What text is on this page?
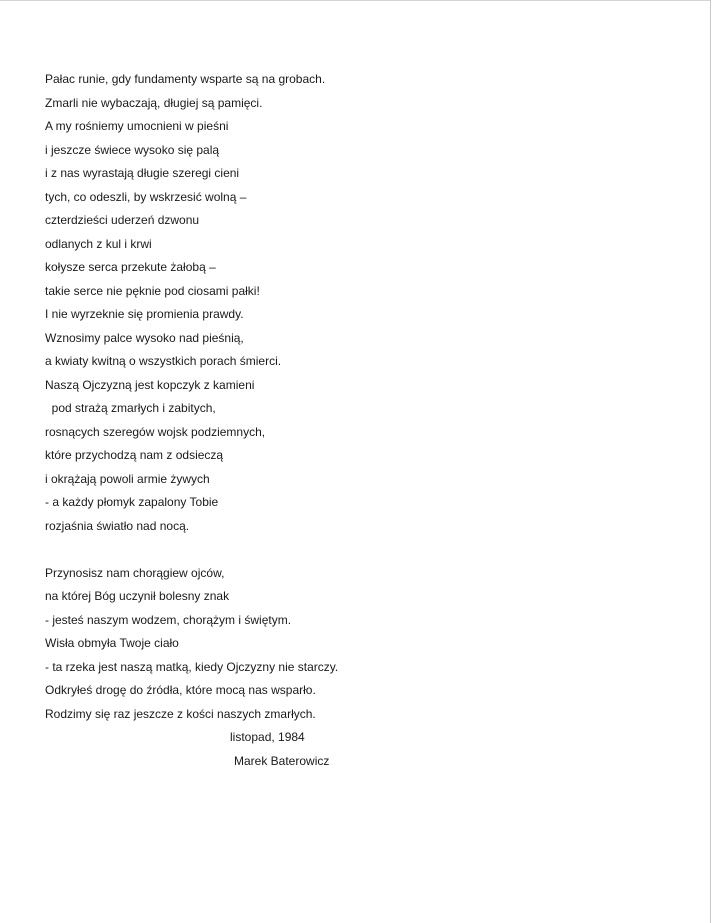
Pałac runie, gdy fundamenty wsparte są na grobach.
Zmarli nie wybaczają, długiej są pamięci.
A my rośniemy umocnieni w pieśni
i jeszcze świece wysoko się palą
i z nas wyrastają długie szeregi cieni
tych, co odeszli, by wskrzesić wolną –
czterdzieści uderzeń dzwonu
odlanych z kul i krwi
kołysze serca przekute żałobą –
takie serce nie pęknie pod ciosami pałki!
I nie wyrzeknie się promienia prawdy.
Wznosimy palce wysoko nad pieśnią,
a kwiaty kwitną o wszystkich porach śmierci.
Naszą Ojczyzną jest kopczyk z kamieni
pod strażą zmarłych i zabitych,
rosnących szeregów wojsk podziemnych,
które przychodzą nam z odsieczą
i okrążają powoli armie żywych
- a każdy płomyk zapalony Tobie
rozjaśnia światło nad nocą.
Przynosisz nam chorągiew ojców,
na której Bóg uczynił bolesny znak
- jesteś naszym wodzem, chorążym i świętym.
Wisła obmyła Twoje ciało
- ta rzeka jest naszą matką, kiedy Ojczyzny nie starczy.
Odkryłeś drogę do źródła, które mocą nas wsparło.
Rodzimy się raz jeszcze z kości naszych zmarłych.
listopad, 1984
Marek Baterowicz
